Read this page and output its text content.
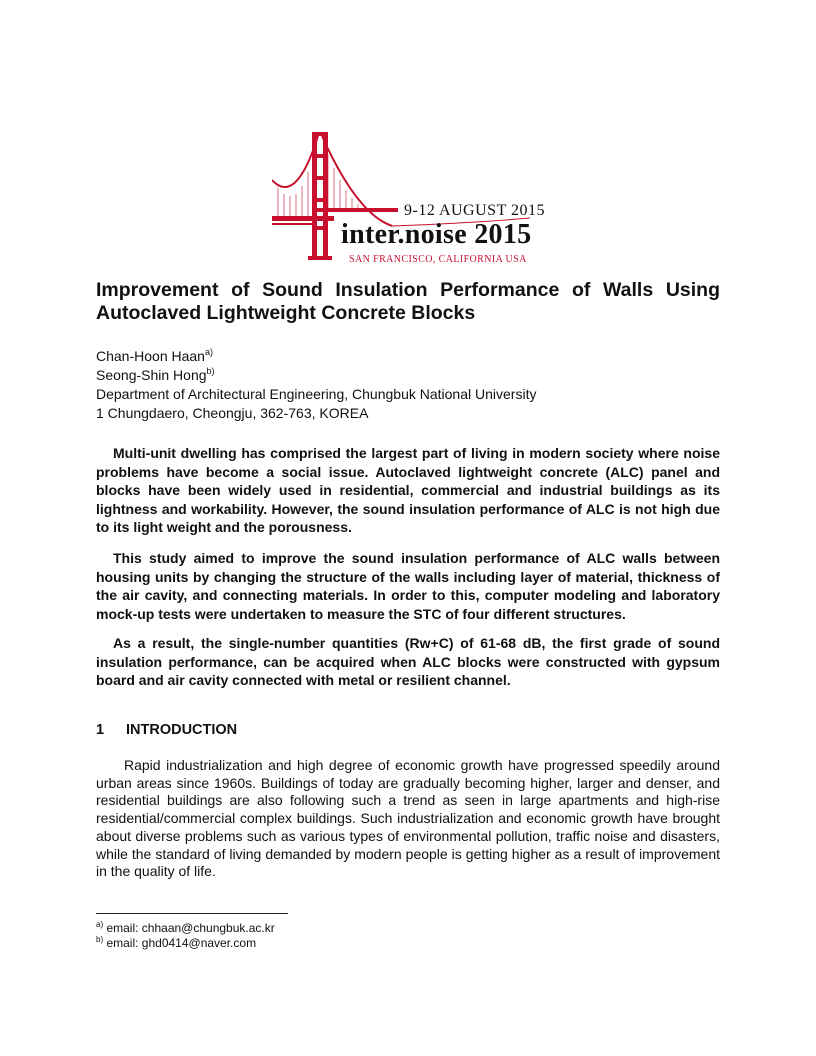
9-12 AUGUST 2015
inter.noise 2015
SAN FRANCISCO, CALIFORNIA USA
Improvement of Sound Insulation Performance of Walls Using Autoclaved Lightweight Concrete Blocks
Chan-Hoon Haan$^{a)}$
Seong-Shin Hong$^{b)}$
Department of Architectural Engineering, Chungbuk National University
1 Chungdaero, Cheongju, 362-763, KOREA

Multi-unit dwelling has comprised the largest part of living in modern society where noise problems have become a social issue. Autoclaved lightweight concrete (ALC) panel and blocks have been widely used in residential, commercial and industrial buildings as its lightness and workability. However, the sound insulation performance of ALC is not high due to its light weight and the porousness.

This study aimed to improve the sound insulation performance of ALC walls between housing units by changing the structure of the walls including layer of material, thickness of the air cavity, and connecting materials. In order to this, computer modeling and laboratory mock-up tests were undertaken to measure the STC of four different structures.

As a result, the single-number quantities (Rw+C) of 61-68 dB, the first grade of sound insulation performance, can be acquired when ALC blocks were constructed with gypsum board and air cavity connected with metal or resilient channel.

1 INTRODUCTION

Rapid industrialization and high degree of economic growth have progressed speedily around urban areas since 1960s. Buildings of today are gradually becoming higher, larger and denser, and residential buildings are also following such a trend as seen in large apartments and high-rise residential/commercial complex buildings. Such industrialization and economic growth have brought about diverse problems such as various types of environmental pollution, traffic noise and disasters, while the standard of living demanded by modern people is getting higher as a result of improvement in the quality of life.

$^{a)}$ email: chhaan@chungbuk.ac.kr
$^{b)}$ email: ghd0414@naver.com
